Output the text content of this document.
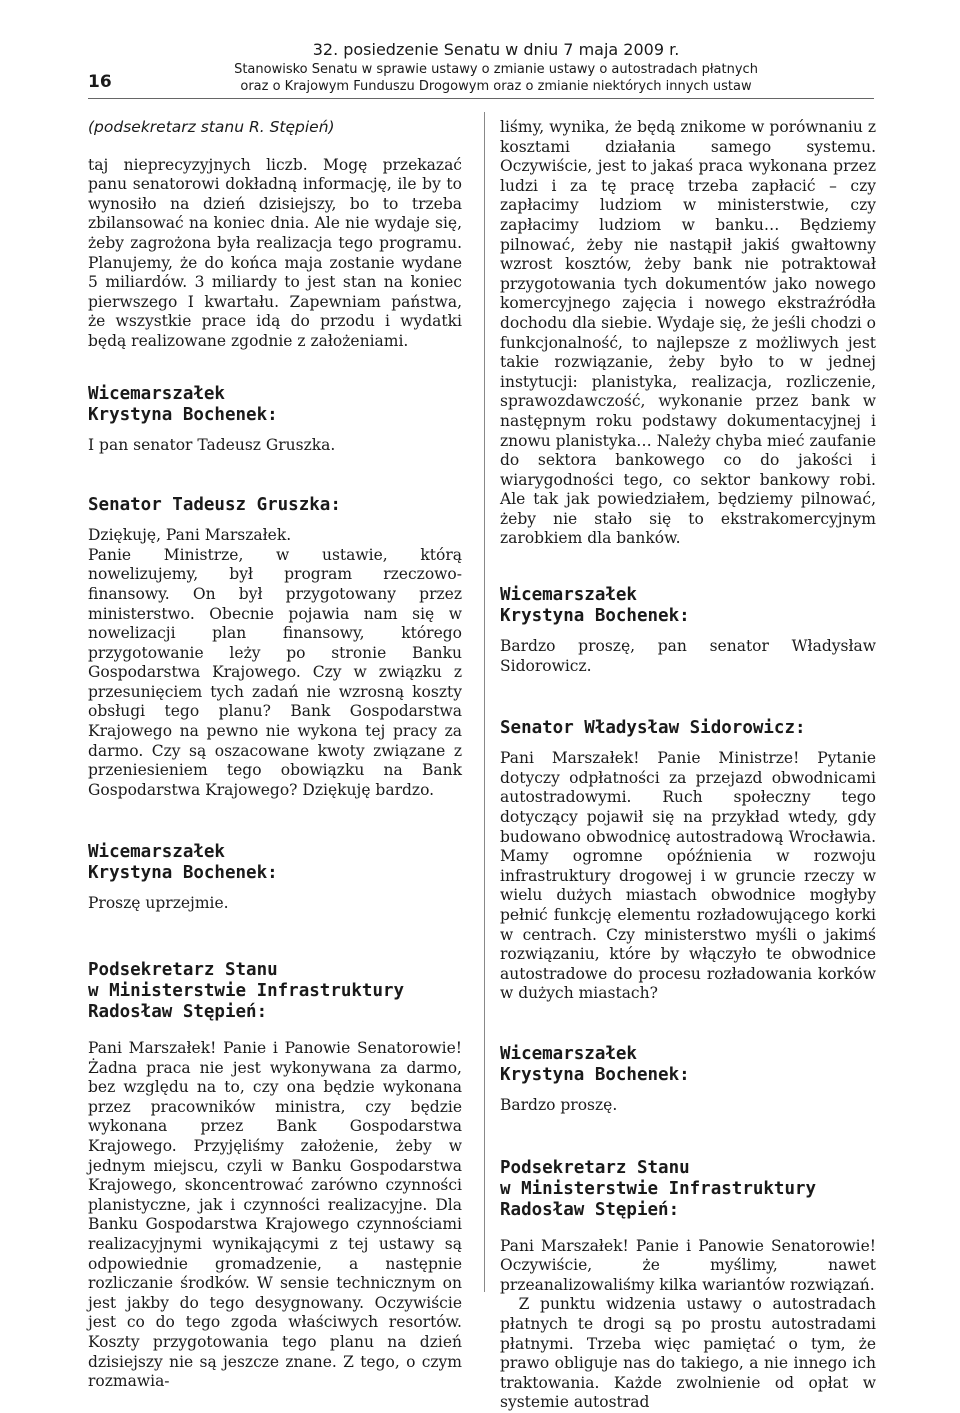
16
32. posiedzenie Senatu w dniu 7 maja 2009 r.
Stanowisko Senatu w sprawie ustawy o zmianie ustawy o autostradach płatnych
oraz o Krajowym Funduszu Drogowym oraz o zmianie niektórych innych ustaw

(podsekretarz stanu R. Stępień)

taj nieprecyzyjnych liczb. Mogę przekazać panu senatorowi dokładną informację, ile by to wynosiło na dzień dzisiejszy, bo to trzeba zbilansować na koniec dnia. Ale nie wydaje się, żeby zagrożona była realizacja tego programu. Planujemy, że do końca maja zostanie wydane 5 miliardów. 3 miliardy to jest stan na koniec pierwszego I kwartału. Zapewniam państwa, że wszystkie prace idą do przodu i wydatki będą realizowane zgodnie z założeniami.

Wicemarszałek
Krystyna Bochenek:

I pan senator Tadeusz Gruszka.

Senator Tadeusz Gruszka:

Dziękuję, Pani Marszałek.

Panie Ministrze, w ustawie, którą nowelizujemy, był program rzeczowo-finansowy. On był przygotowany przez ministerstwo. Obecnie pojawia nam się w nowelizacji plan finansowy, którego przygotowanie leży po stronie Banku Gospodarstwa Krajowego. Czy w związku z przesunięciem tych zadań nie wzrosną koszty obsługi tego planu? Bank Gospodarstwa Krajowego na pewno nie wykona tej pracy za darmo. Czy są oszacowane kwoty związane z przeniesieniem tego obowiązku na Bank Gospodarstwa Krajowego? Dziękuję bardzo.

Wicemarszałek
Krystyna Bochenek:

Proszę uprzejmie.

Podsekretarz Stanu
w Ministerstwie Infrastruktury
Radosław Stępień:

Pani Marszałek! Panie i Panowie Senatorowie! Żadna praca nie jest wykonywana za darmo, bez względu na to, czy ona będzie wykonana przez pracowników ministra, czy będzie wykonana przez Bank Gospodarstwa Krajowego. Przyjęliśmy założenie, żeby w jednym miejscu, czyli w Banku Gospodarstwa Krajowego, skoncentrować zarówno czynności planistyczne, jak i czynności realizacyjne. Dla Banku Gospodarstwa Krajowego czynnościami realizacyjnymi wynikającymi z tej ustawy są odpowiednie gromadzenie, a następnie rozliczanie środków. W sensie technicznym on jest jakby do tego desygnowany. Oczywiście jest co do tego zgoda właściwych resortów. Koszty przygotowania tego planu na dzień dzisiejszy nie są jeszcze znane. Z tego, o czym rozmawia-

liśmy, wynika, że będą znikome w porównaniu z kosztami działania samego systemu. Oczywiście, jest to jakaś praca wykonana przez ludzi i za tę pracę trzeba zapłacić – czy zapłacimy ludziom w ministerstwie, czy zapłacimy ludziom w banku… Będziemy pilnować, żeby nie nastąpił jakiś gwałtowny wzrost kosztów, żeby bank nie potraktował przygotowania tych dokumentów jako nowego komercyjnego zajęcia i nowego ekstraźródła dochodu dla siebie. Wydaje się, że jeśli chodzi o funkcjonalność, to najlepsze z możliwych jest takie rozwiązanie, żeby było to w jednej instytucji: planistyka, realizacja, rozliczenie, sprawozdawczość, wykonanie przez bank w następnym roku podstawy dokumentacyjnej i znowu planistyka… Należy chyba mieć zaufanie do sektora bankowego co do jakości i wiarygodności tego, co sektor bankowy robi. Ale tak jak powiedziałem, będziemy pilnować, żeby nie stało się to ekstrakomercyjnym zarobkiem dla banków.

Wicemarszałek
Krystyna Bochenek:

Bardzo proszę, pan senator Władysław Sidorowicz.

Senator Władysław Sidorowicz:

Pani Marszałek! Panie Ministrze! Pytanie dotyczy odpłatności za przejazd obwodnicami autostradowymi. Ruch społeczny tego dotyczący pojawił się na przykład wtedy, gdy budowano obwodnicę autostradową Wrocławia. Mamy ogromne opóźnienia w rozwoju infrastruktury drogowej i w gruncie rzeczy w wielu dużych miastach obwodnice mogłyby pełnić funkcję elementu rozładowującego korki w centrach. Czy ministerstwo myśli o jakimś rozwiązaniu, które by włączyło te obwodnice autostradowe do procesu rozładowania korków w dużych miastach?

Wicemarszałek
Krystyna Bochenek:

Bardzo proszę.

Podsekretarz Stanu
w Ministerstwie Infrastruktury
Radosław Stępień:

Pani Marszałek! Panie i Panowie Senatorowie! Oczywiście, że myślimy, nawet przeanalizowaliśmy kilka wariantów rozwiązań.

Z punktu widzenia ustawy o autostradach płatnych te drogi są po prostu autostradami płatnymi. Trzeba więc pamiętać o tym, że prawo obliguje nas do takiego, a nie innego ich traktowania. Każde zwolnienie od opłat w systemie autostrad
